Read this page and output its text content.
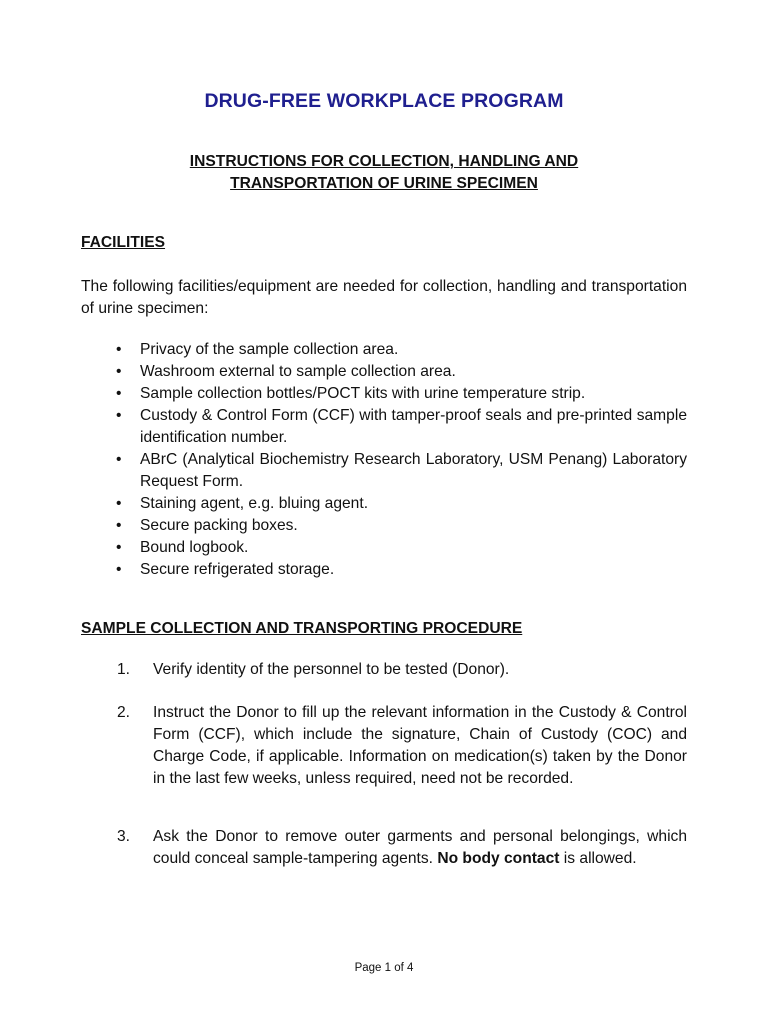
DRUG-FREE WORKPLACE PROGRAM
INSTRUCTIONS FOR COLLECTION, HANDLING AND
TRANSPORTATION OF URINE SPECIMEN
FACILITIES
The following facilities/equipment are needed for collection, handling and transportation of urine specimen:
• Privacy of the sample collection area.
• Washroom external to sample collection area.
• Sample collection bottles/POCT kits with urine temperature strip.
• Custody & Control Form (CCF) with tamper-proof seals and pre-printed sample identification number.
• ABrC (Analytical Biochemistry Research Laboratory, USM Penang) Laboratory Request Form.
• Staining agent, e.g. bluing agent.
• Secure packing boxes.
• Bound logbook.
• Secure refrigerated storage.
SAMPLE COLLECTION AND TRANSPORTING PROCEDURE
1. Verify identity of the personnel to be tested (Donor).
2. Instruct the Donor to fill up the relevant information in the Custody & Control Form (CCF), which include the signature, Chain of Custody (COC) and Charge Code, if applicable. Information on medication(s) taken by the Donor in the last few weeks, unless required, need not be recorded.
3. Ask the Donor to remove outer garments and personal belongings, which could conceal sample-tampering agents. No body contact is allowed.
Page 1 of 4
